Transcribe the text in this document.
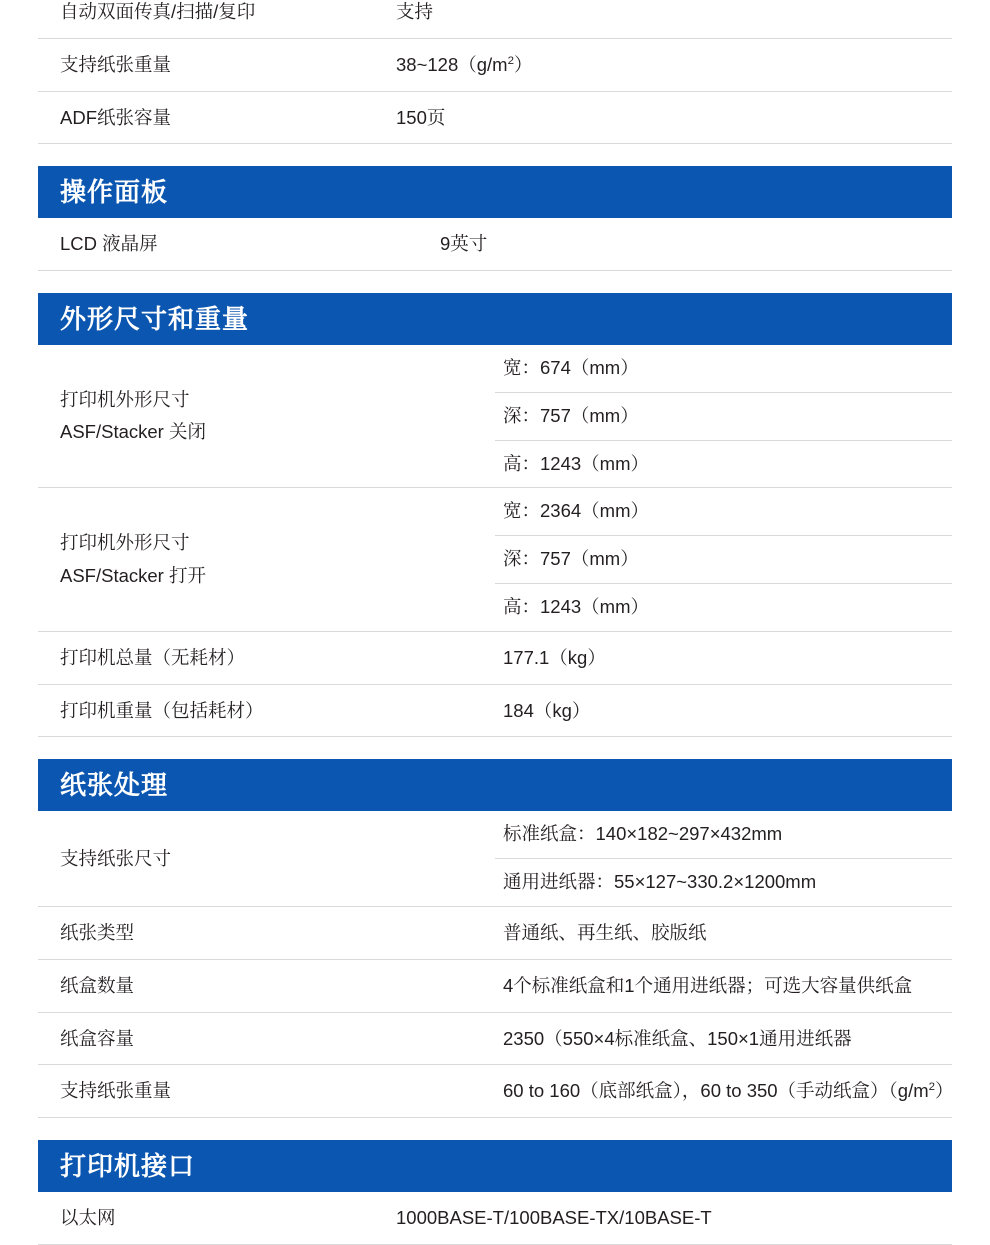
自动双面传真/扫描/复印	支持
支持纸张重量	$38\sim 128(g/m^2)$
ADF纸张容量	150页
操作面板
LCD 液晶屏	9英寸
外形尺寸和重量
打印机外形尺寸
ASF/Stacker 关闭

宽：674（mm）
深：757（mm）
高：1243（mm）

打印机外形尺寸
ASF/Stacker 打开

宽：2364（mm）
深：757（mm）
高：1243（mm）

打印机总量（无耗材）	177.1（kg）
打印机重量（包括耗材）	184（kg）
纸张处理
支持纸张尺寸	标准纸盒：140×182~297×432mm
通用进纸器：55×127~330.2×1200mm

纸张类型	普通纸、再生纸、胶版纸
纸盒数量	4个标准纸盒和1个通用进纸器；可选大容量供纸盒
纸盒容量	2350（550×4标准纸盒、150×1通用进纸器
支持纸张重量	60 to 160（底部纸盒），60 to 350（手动纸盒）$(g/m^2)$
打印机接口
以太网	1000BASE-T/100BASE-TX/10BASE-T
